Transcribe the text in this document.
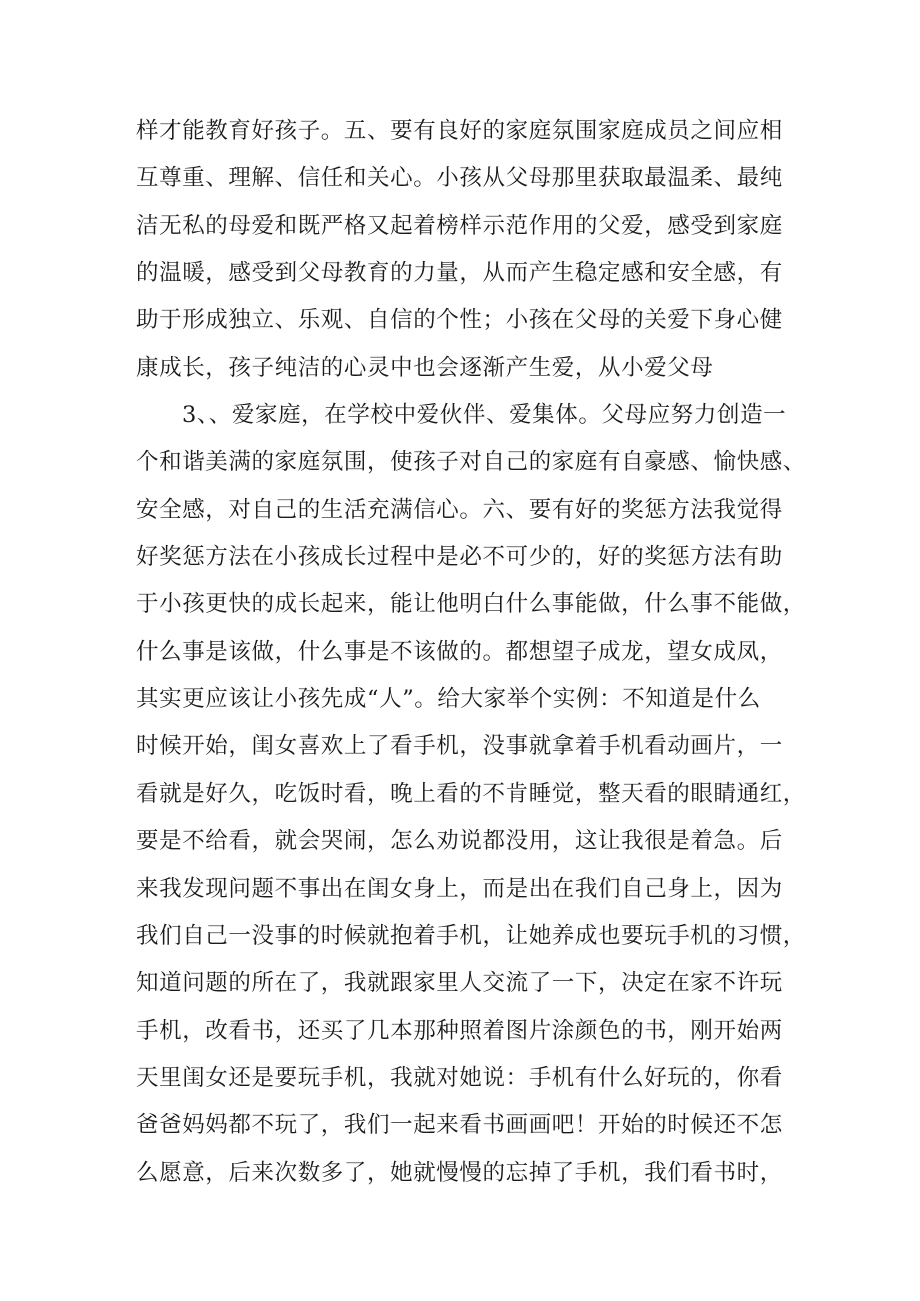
样才能教育好孩子。五、要有良好的家庭氛围家庭成员之间应相
互尊重、理解、信任和关心。小孩从父母那里获取最温柔、最纯
洁无私的母爱和既严格又起着榜样示范作用的父爱，感受到家庭
的温暖，感受到父母教育的力量，从而产生稳定感和安全感，有
助于形成独立、乐观、自信的个性；小孩在父母的关爱下身心健
康成长，孩子纯洁的心灵中也会逐渐产生爱，从小爱父母
3、、爱家庭，在学校中爱伙伴、爱集体。父母应努力创造一
个和谐美满的家庭氛围，使孩子对自己的家庭有自豪感、愉快感、
安全感，对自己的生活充满信心。六、要有好的奖惩方法我觉得
好奖惩方法在小孩成长过程中是必不可少的，好的奖惩方法有助
于小孩更快的成长起来，能让他明白什么事能做，什么事不能做，
什么事是该做，什么事是不该做的。都想望子成龙，望女成凤，
其实更应该让小孩先成“人”。给大家举个实例：不知道是什么
时候开始，闺女喜欢上了看手机，没事就拿着手机看动画片，一
看就是好久，吃饭时看，晚上看的不肯睡觉，整天看的眼睛通红，
要是不给看，就会哭闹，怎么劝说都没用，这让我很是着急。后
来我发现问题不事出在闺女身上，而是出在我们自己身上，因为
我们自己一没事的时候就抱着手机，让她养成也要玩手机的习惯，
知道问题的所在了，我就跟家里人交流了一下，决定在家不许玩
手机，改看书，还买了几本那种照着图片涂颜色的书，刚开始两
天里闺女还是要玩手机，我就对她说：手机有什么好玩的，你看
爸爸妈妈都不玩了，我们一起来看书画画吧！开始的时候还不怎
么愿意，后来次数多了，她就慢慢的忘掉了手机，我们看书时，
